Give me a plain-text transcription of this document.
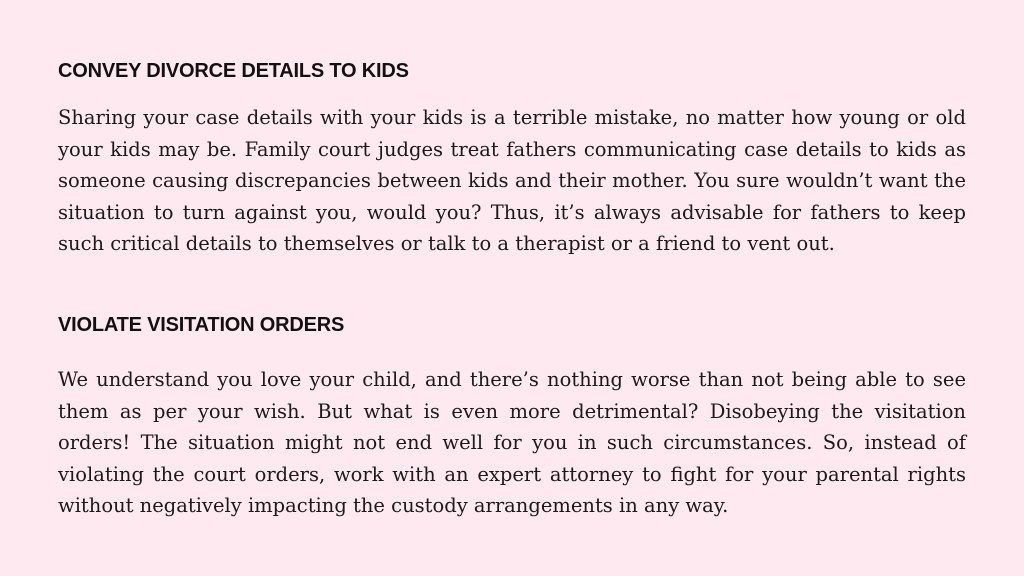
CONVEY DIVORCE DETAILS TO KIDS

Sharing your case details with your kids is a terrible mistake, no matter how young or old your kids may be. Family court judges treat fathers communicating case details to kids as someone causing discrepancies between kids and their mother. You sure wouldn’t want the situation to turn against you, would you? Thus, it’s always advisable for fathers to keep such critical details to themselves or talk to a therapist or a friend to vent out.

VIOLATE VISITATION ORDERS

We understand you love your child, and there’s nothing worse than not being able to see them as per your wish. But what is even more detrimental? Disobeying the visitation orders! The situation might not end well for you in such circumstances. So, instead of violating the court orders, work with an expert attorney to fight for your parental rights without negatively impacting the custody arrangements in any way.
